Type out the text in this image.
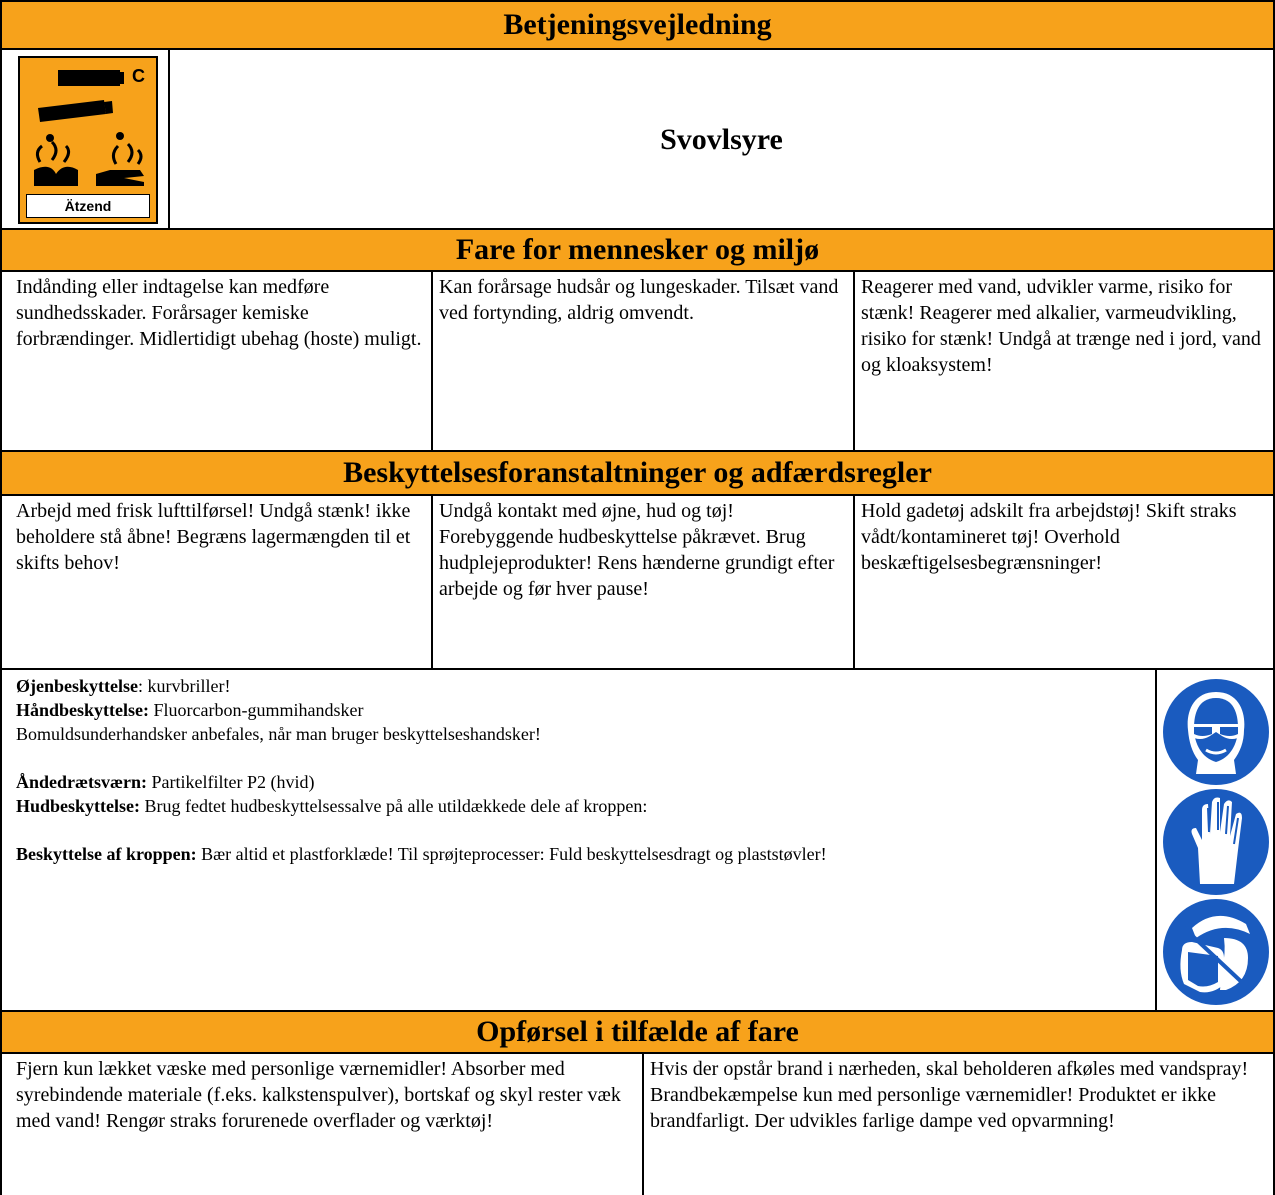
Betjeningsvejledning
C
Ätzend
Svovlsyre
Fare for mennesker og miljø
Indånding eller indtagelse kan medføre sundhedsskader. Forårsager kemiske forbrændinger. Midlertidigt ubehag (hoste) muligt.
Kan forårsage hudsår og lungeskader. Tilsæt vand ved fortynding, aldrig omvendt.
Reagerer med vand, udvikler varme, risiko for stænk! Reagerer med alkalier, varmeudvikling, risiko for stænk! Undgå at trænge ned i jord, vand og kloaksystem!
Beskyttelsesforanstaltninger og adfærdsregler
Arbejd med frisk lufttilførsel! Undgå stænk! ikke beholdere stå åbne! Begræns lagermængden til et skifts behov!
Undgå kontakt med øjne, hud og tøj! Forebyggende hudbeskyttelse påkrævet. Brug hudplejeprodukter! Rens hænderne grundigt efter arbejde og før hver pause!
Hold gadetøj adskilt fra arbejdstøj! Skift straks vådt/kontamineret tøj! Overhold beskæftigelsesbegrænsninger!
Øjenbeskyttelse: kurvbriller!
Håndbeskyttelse: Fluorcarbon-gummihandsker
Bomuldsunderhandsker anbefales, når man bruger beskyttelseshandsker!
Åndedrætsværn: Partikelfilter P2 (hvid)
Hudbeskyttelse: Brug fedtet hudbeskyttelsessalve på alle utildækkede dele af kroppen:
Beskyttelse af kroppen: Bær altid et plastforklæde! Til sprøjteprocesser: Fuld beskyttelsesdragt og plaststøvler!
Opførsel i tilfælde af fare
Fjern kun lækket væske med personlige værnemidler! Absorber med syrebindende materiale (f.eks. kalkstenspulver), bortskaf og skyl rester væk med vand! Rengør straks forurenede overflader og værktøj!
Hvis der opstår brand i nærheden, skal beholderen afkøles med vandspray! Brandbekæmpelse kun med personlige værnemidler! Produktet er ikke brandfarligt. Der udvikles farlige dampe ved opvarmning!
